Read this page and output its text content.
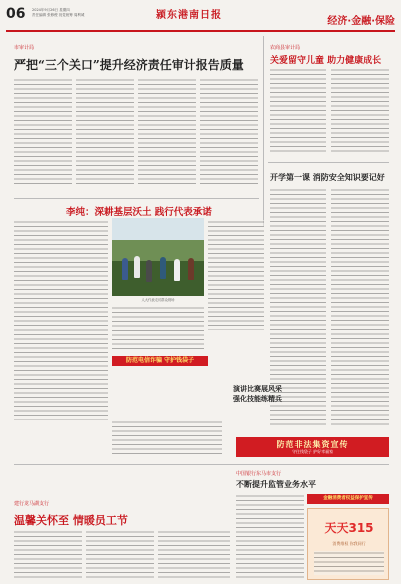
06 2024年9月26日 星期四
责任编辑 张修俊 视觉统筹 周利城	颍东港南日报
经济·金融·保险
市审计局
严把“三个关口”提升经济责任审计报告质量
农商县审计局
关爱留守儿童 助力健康成长
开学第一课 消防安全知识要记好
李纯：深耕基层沃土 践行代表承诺
人大代表走访群众现场
防范电信诈骗 守护钱袋子
演讲比赛展风采
强化技能练精兵
防范非法集资宣传
守住钱袋子 护好幸福家
中国银行东马市支行
不断提升监管业务水平
金融消费者权益保护宣传
天天315
消费维权 你我同行
建行龙马湖支行
温馨关怀至 情暖员工节
